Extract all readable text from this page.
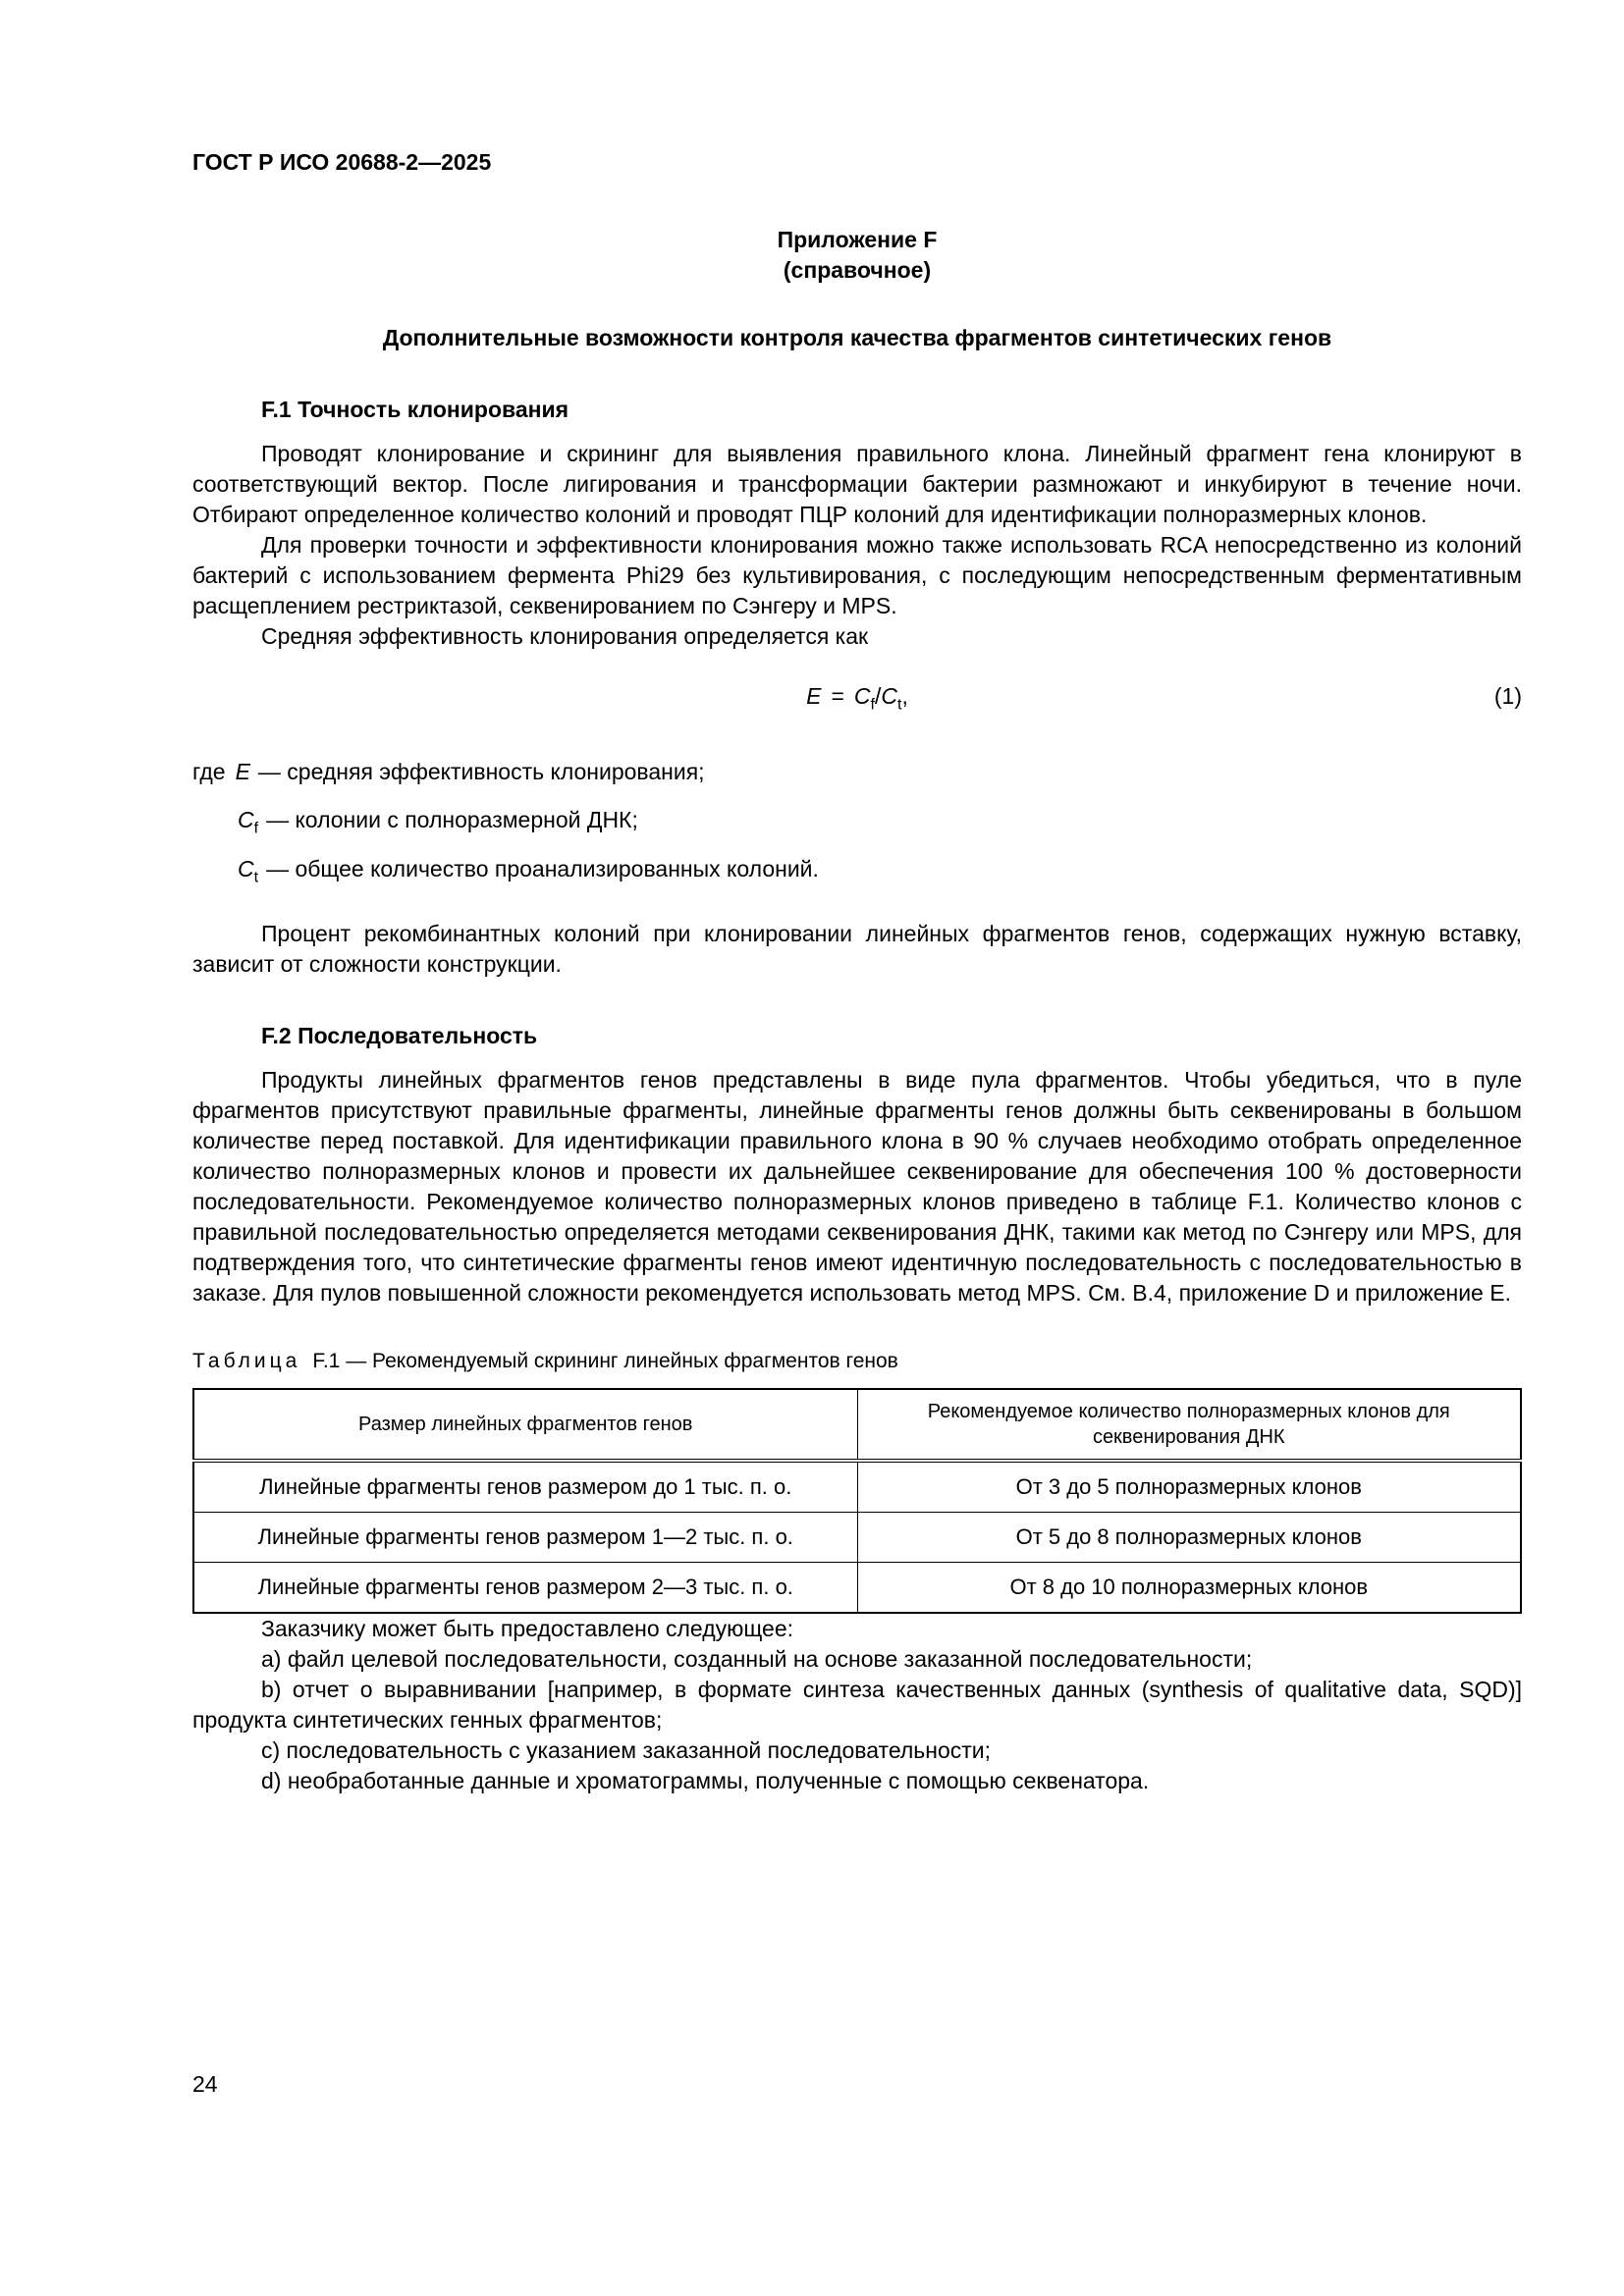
ГОСТ Р ИСО 20688-2—2025
Приложение F
(справочное)
Дополнительные возможности контроля качества фрагментов синтетических генов
F.1 Точность клонирования

Проводят клонирование и скрининг для выявления правильного клона. Линейный фрагмент гена клонируют в соответствующий вектор. После лигирования и трансформации бактерии размножают и инкубируют в течение ночи. Отбирают определенное количество колоний и проводят ПЦР колоний для идентификации полноразмерных клонов.

Для проверки точности и эффективности клонирования можно также использовать RCA непосредственно из колоний бактерий с использованием фермента Phi29 без культивирования, с последующим непосредственным ферментативным расщеплением рестриктазой, секвенированием по Сэнгеру и MPS.

Средняя эффективность клонирования определяется как

$E = C_f/C_t$,	(1)
где E — средняя эффективность клонирования;
$C_f$ — колонии с полноразмерной ДНК;
$C_t$ — общее количество проанализированных колоний.

Процент рекомбинантных колоний при клонировании линейных фрагментов генов, содержащих нужную вставку, зависит от сложности конструкции.

F.2 Последовательность

Продукты линейных фрагментов генов представлены в виде пула фрагментов. Чтобы убедиться, что в пуле фрагментов присутствуют правильные фрагменты, линейные фрагменты генов должны быть секвенированы в большом количестве перед поставкой. Для идентификации правильного клона в 90 % случаев необходимо отобрать определенное количество полноразмерных клонов и провести их дальнейшее секвенирование для обеспечения 100 % достоверности последовательности. Рекомендуемое количество полноразмерных клонов приведено в таблице F.1. Количество клонов с правильной последовательностью определяется методами секвенирования ДНК, такими как метод по Сэнгеру или MPS, для подтверждения того, что синтетические фрагменты генов имеют идентичную последовательность с последовательностью в заказе. Для пулов повышенной сложности рекомендуется использовать метод MPS. См. В.4, приложение D и приложение E.

Таблица F.1 — Рекомендуемый скрининг линейных фрагментов генов

Размер линейных фрагментов генов	Рекомендуемое количество полноразмерных клонов для секвенирования ДНК
Линейные фрагменты генов размером до 1 тыс. п. о.	От 3 до 5 полноразмерных клонов
Линейные фрагменты генов размером 1—2 тыс. п. о.	От 5 до 8 полноразмерных клонов
Линейные фрагменты генов размером 2—3 тыс. п. о.	От 8 до 10 полноразмерных клонов

Заказчику может быть предоставлено следующее:

a) файл целевой последовательности, созданный на основе заказанной последовательности;

b) отчет о выравнивании [например, в формате синтеза качественных данных (synthesis of qualitative data, SQD)] продукта синтетических генных фрагментов;

c) последовательность с указанием заказанной последовательности;

d) необработанные данные и хроматограммы, полученные с помощью секвенатора.

24
